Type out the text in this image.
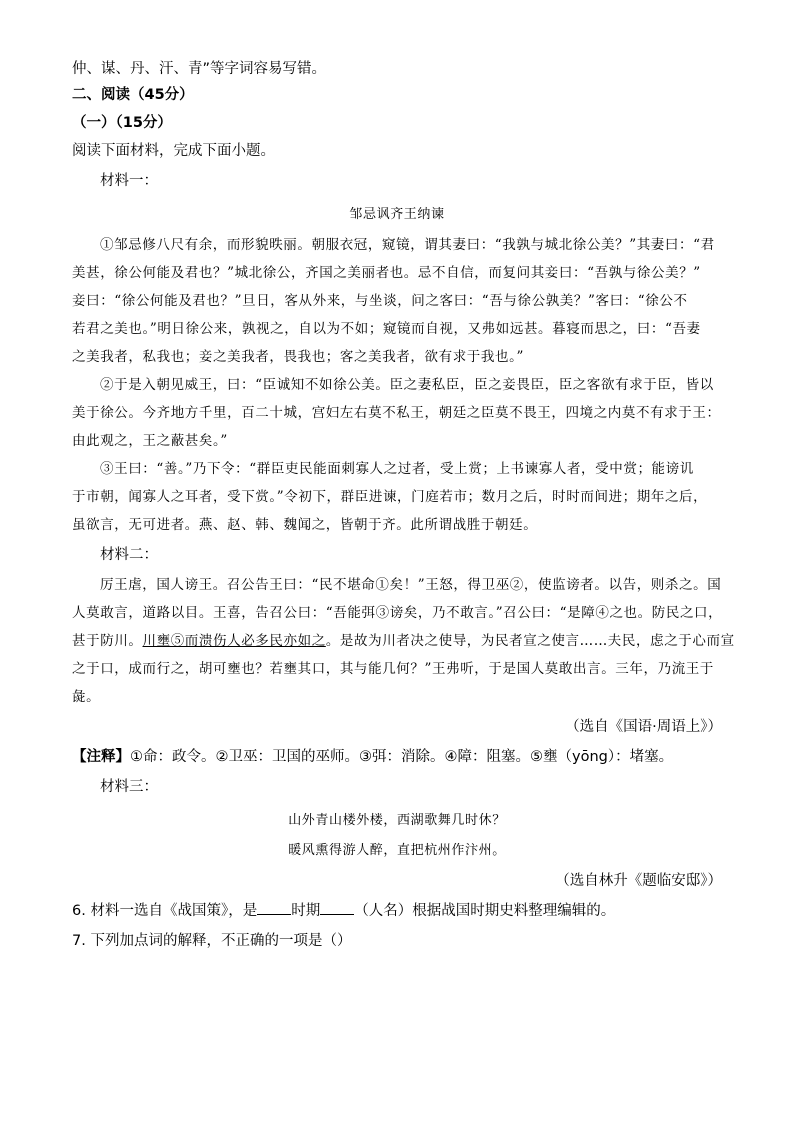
仲、谋、丹、汗、青”等字词容易写错。
二、阅读（45分）
（一）（15分）
阅读下面材料，完成下面小题。
材料一：
邹忌讽齐王纳谏
①邹忌修八尺有余，而形貌昳丽。朝服衣冠，窥镜，谓其妻曰：“我孰与城北徐公美？”其妻曰：“君
美甚，徐公何能及君也？”城北徐公，齐国之美丽者也。忌不自信，而复问其妾曰：“吾孰与徐公美？”
妾曰：“徐公何能及君也？”旦日，客从外来，与坐谈，问之客曰：“吾与徐公孰美？”客曰：“徐公不
若君之美也。”明日徐公来，孰视之，自以为不如；窥镜而自视，又弗如远甚。暮寝而思之，曰：“吾妻
之美我者，私我也；妾之美我者，畏我也；客之美我者，欲有求于我也。”
②于是入朝见威王，曰：“臣诚知不如徐公美。臣之妻私臣，臣之妾畏臣，臣之客欲有求于臣，皆以
美于徐公。今齐地方千里，百二十城，宫妇左右莫不私王，朝廷之臣莫不畏王，四境之内莫不有求于王：
由此观之，王之蔽甚矣。”
③王曰：“善。”乃下令：“群臣吏民能面刺寡人之过者，受上赏；上书谏寡人者，受中赏；能谤讥
于市朝，闻寡人之耳者，受下赏。”令初下，群臣进谏，门庭若市；数月之后，时时而间进；期年之后，
虽欲言，无可进者。燕、赵、韩、魏闻之，皆朝于齐。此所谓战胜于朝廷。
材料二：
厉王虐，国人谤王。召公告王曰：“民不堪命①矣！”王怒，得卫巫②，使监谤者。以告，则杀之。国
人莫敢言，道路以目。王喜，告召公曰：“吾能弭③谤矣，乃不敢言。”召公曰：“是障④之也。防民之口，
甚于防川。川壅⑤而溃伤人必多民亦如之。是故为川者决之使导，为民者宣之使言……夫民，虑之于心而宣
之于口，成而行之，胡可壅也？若壅其口，其与能几何？”王弗听，于是国人莫敢出言。三年，乃流王于
彘。
（选自《国语·周语上》）
【注释】①命：政令。②卫巫：卫国的巫师。③弭：消除。④障：阻塞。⑤壅（yōng）：堵塞。
材料三：
山外青山楼外楼，西湖歌舞几时休？
暖风熏得游人醉，直把杭州作汴州。
（选自林升《题临安邸》）
6. 材料一选自《战国策》，是 时期 （人名）根据战国时期史料整理编辑的。
7. 下列加点词的解释，不正确的一项是（）
